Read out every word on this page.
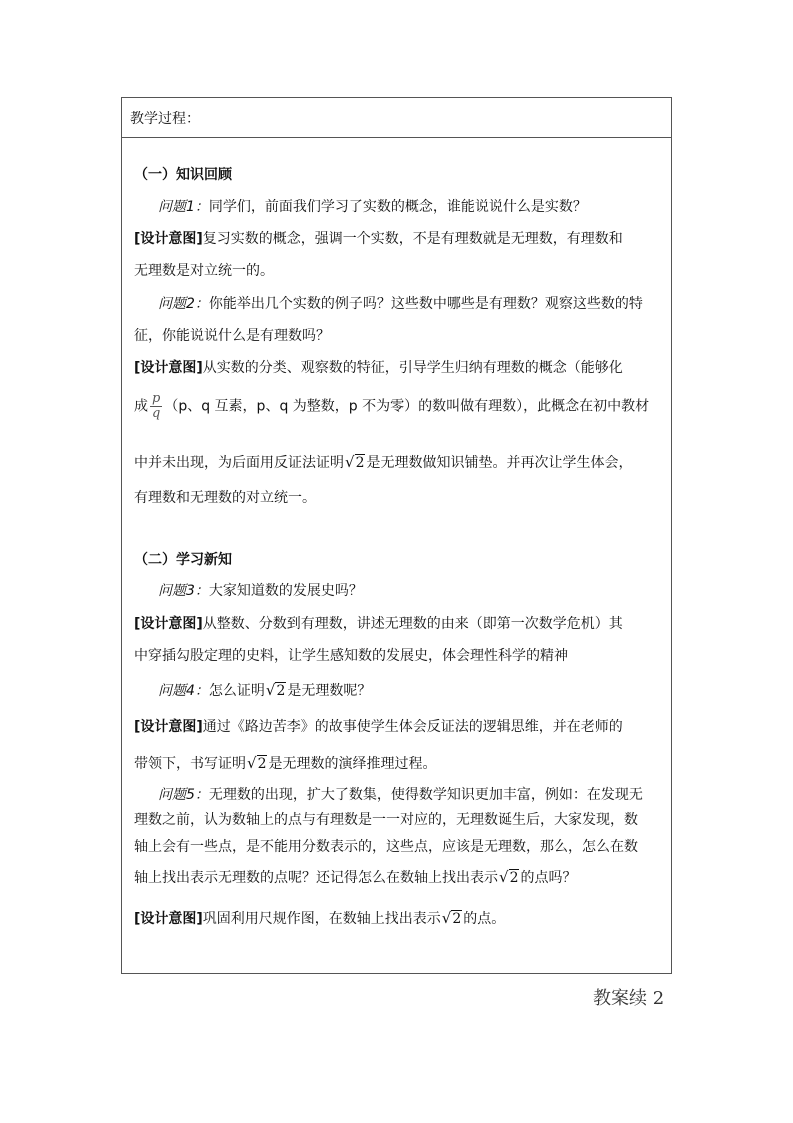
教学过程：
（一）知识回顾
问题1：同学们，前面我们学习了实数的概念，谁能说说什么是实数？
[设计意图]复习实数的概念，强调一个实数，不是有理数就是无理数，有理数和
无理数是对立统一的。
问题2：你能举出几个实数的例子吗？这些数中哪些是有理数？观察这些数的特
征，你能说说什么是有理数吗？
[设计意图]从实数的分类、观察数的特征，引导学生归纳有理数的概念（能够化
成 $\frac{p}{q} (p$、q 互素，p、q 为整数，p 不为零）的数叫做有理数），此概念在初中教材
中并未出现，为后面用反证法证明√2 是无理数做知识铺垫。并再次让学生体会，
有理数和无理数的对立统一。
（二）学习新知
问题3：大家知道数的发展史吗？
[设计意图]从整数、分数到有理数，讲述无理数的由来（即第一次数学危机）其
中穿插勾股定理的史料，让学生感知数的发展史，体会理性科学的精神
问题4：怎么证明√2 是无理数呢？
[设计意图]通过《路边苦李》的故事使学生体会反证法的逻辑思维，并在老师的
带领下，书写证明√2 是无理数的演绎推理过程。
问题5：无理数的出现，扩大了数集，使得数学知识更加丰富，例如：在发现无
理数之前，认为数轴上的点与有理数是一一对应的，无理数诞生后，大家发现，数
轴上会有一些点，是不能用分数表示的，这些点，应该是无理数，那么，怎么在数
轴上找出表示无理数的点呢？还记得怎么在数轴上找出表示√2 的点吗？
[设计意图]巩固利用尺规作图，在数轴上找出表示√2 的点。
教案续 2
